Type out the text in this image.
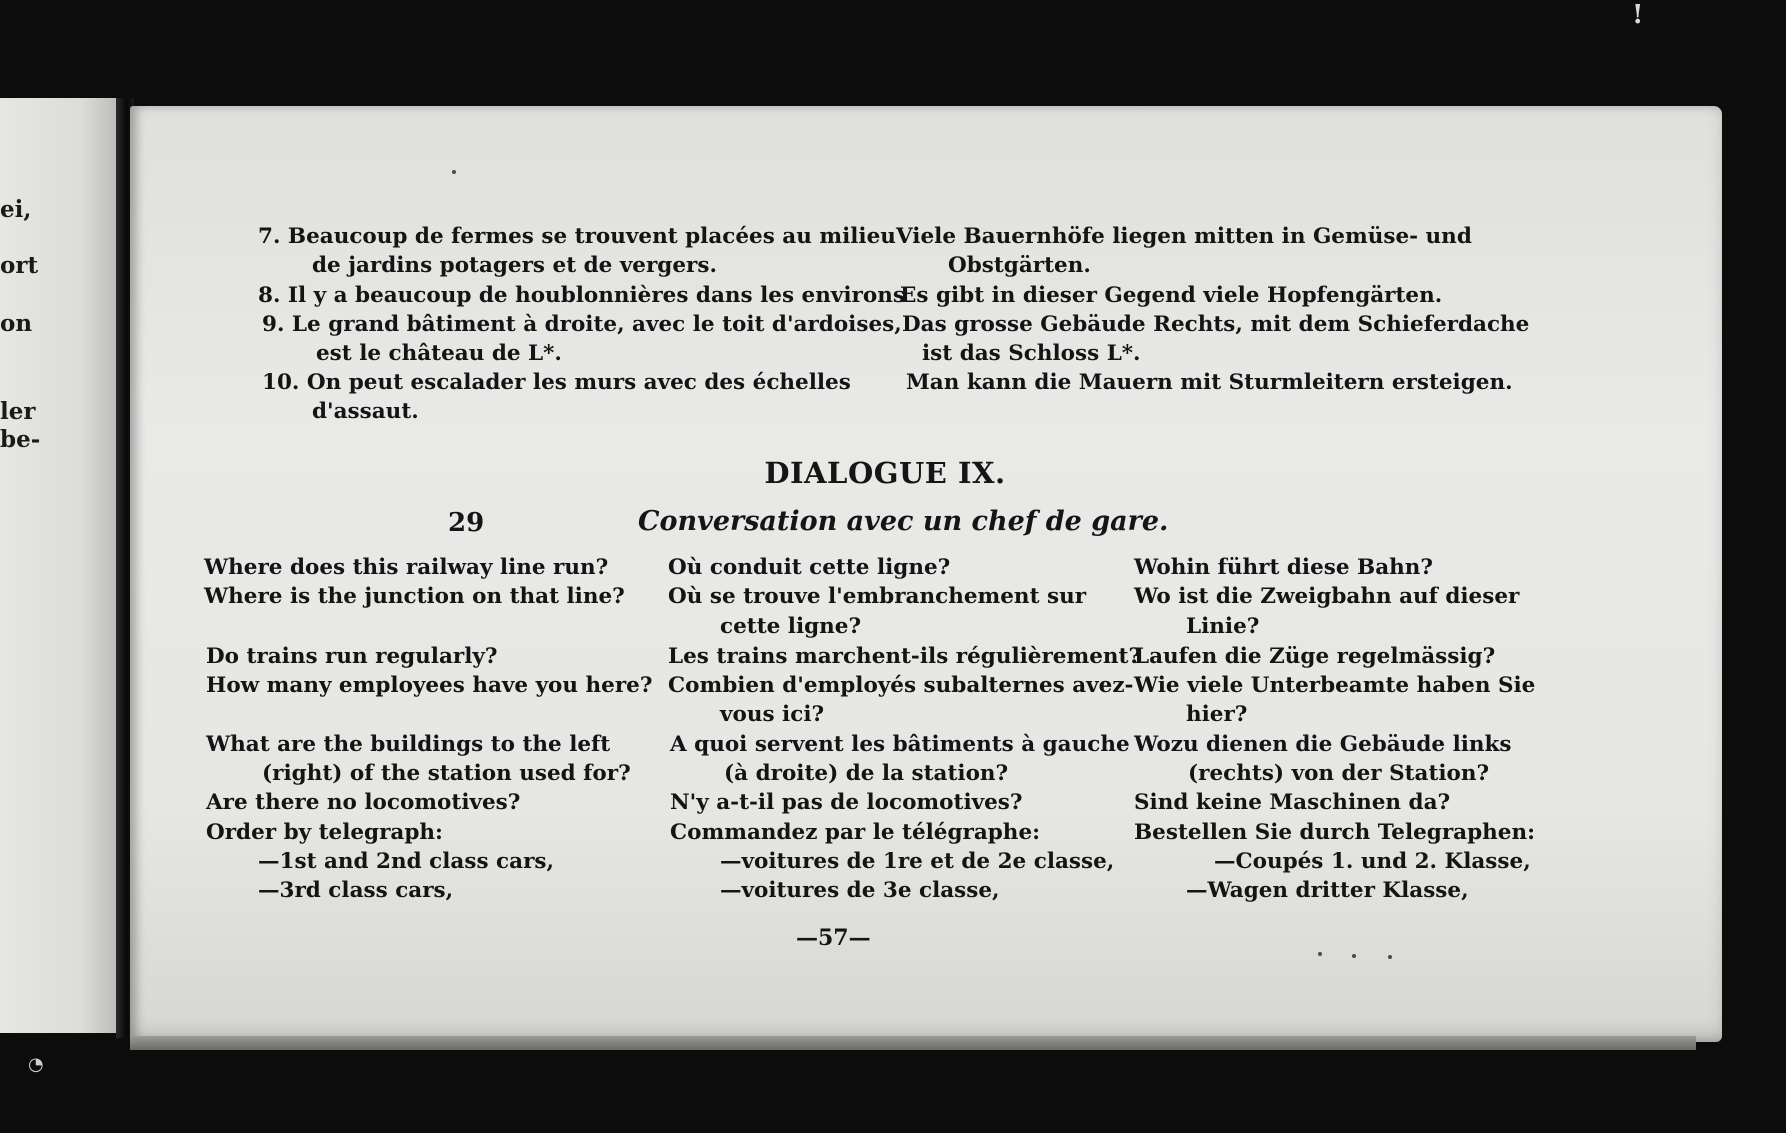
ei,
ort
on
ler
be-
!
◔
7. Beaucoup de fermes se trouvent placées au milieu
de jardins potagers et de vergers.
8. Il y a beaucoup de houblonnières dans les environs
9. Le grand bâtiment à droite, avec le toit d'ardoises,
est le château de L*.
10. On peut escalader les murs avec des échelles
d'assaut.
Viele Bauernhöfe liegen mitten in Gemüse- und
Obstgärten.
Es gibt in dieser Gegend viele Hopfengärten.
Das grosse Gebäude Rechts, mit dem Schieferdache
ist das Schloss L*.
Man kann die Mauern mit Sturmleitern ersteigen.
DIALOGUE IX.
29	Conversation avec un chef de gare.
Where does this railway line run?
Where is the junction on that line?
Do trains run regularly?
How many employees have you here?
What are the buildings to the left
(right) of the station used for?
Are there no locomotives?
Order by telegraph:
—1st and 2nd class cars,
—3rd class cars,
Où conduit cette ligne?
Où se trouve l'embranchement sur
cette ligne?
Les trains marchent-ils régulièrement?
Combien d'employés subalternes avez-
vous ici?
A quoi servent les bâtiments à gauche
(à droite) de la station?
N'y a-t-il pas de locomotives?
Commandez par le télégraphe:
—voitures de 1re et de 2e classe,
—voitures de 3e classe,
Wohin führt diese Bahn?
Wo ist die Zweigbahn auf dieser
Linie?
Laufen die Züge regelmässig?
Wie viele Unterbeamte haben Sie
hier?
Wozu dienen die Gebäude links
(rechts) von der Station?
Sind keine Maschinen da?
Bestellen Sie durch Telegraphen:
—Coupés 1. und 2. Klasse,
—Wagen dritter Klasse,
—57—
